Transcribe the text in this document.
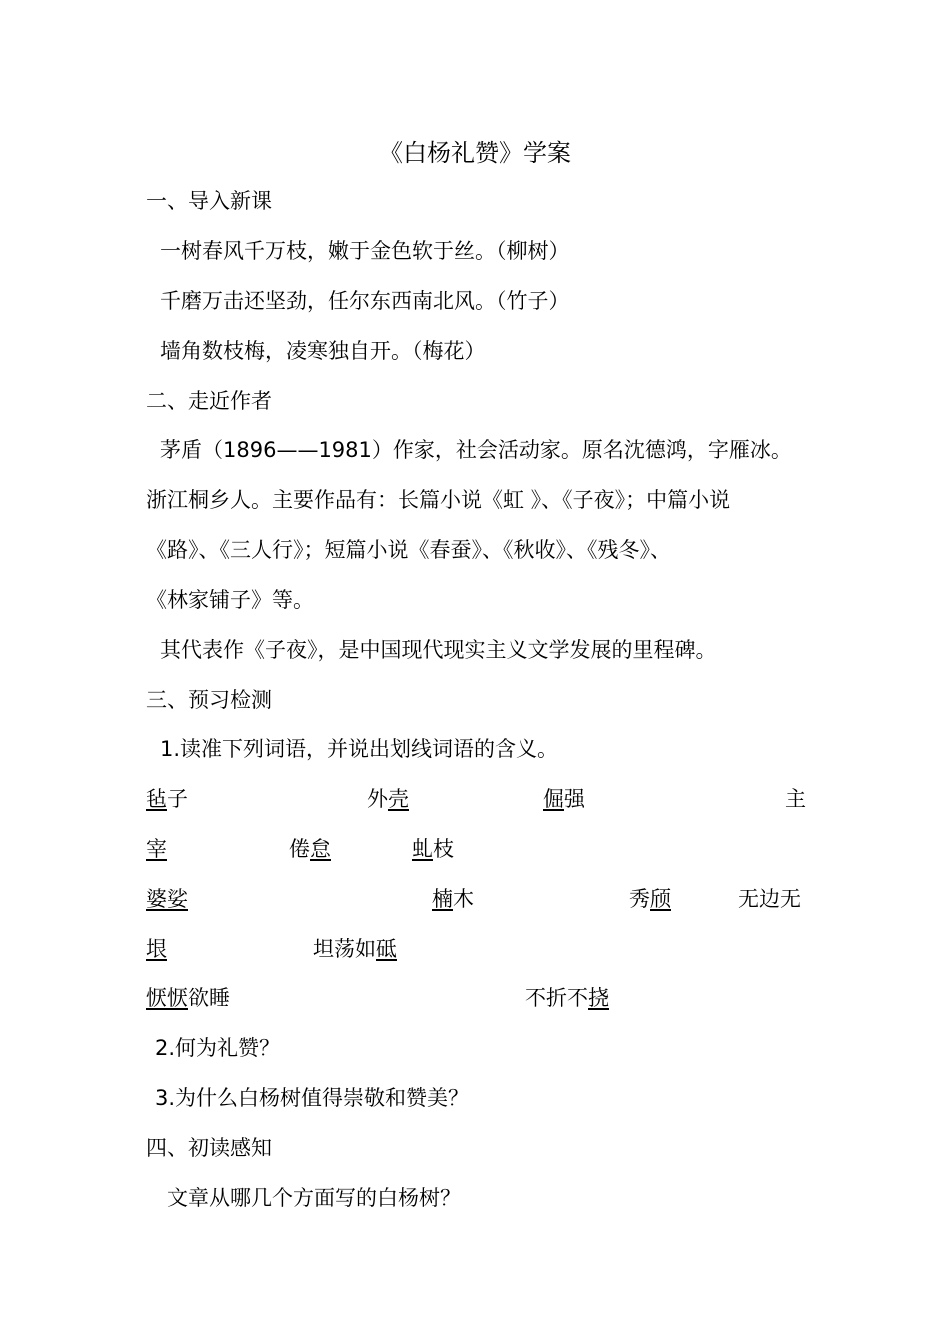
《白杨礼赞》学案
一、导入新课
一树春风千万枝，嫩于金色软于丝。（柳树）
千磨万击还坚劲，任尔东西南北风。（竹子）
墙角数枝梅，凌寒独自开。（梅花）
二、走近作者
茅盾（1896——1981）作家，社会活动家。原名沈德鸿，字雁冰。
浙江桐乡人。主要作品有：长篇小说《虹 》、《子夜》；中篇小说
《路》、《三人行》；短篇小说《春蚕》、《秋收》、《残冬》、
《林家铺子》等。
其代表作《子夜》，是中国现代现实主义文学发展的里程碑。
三、预习检测
1.读准下列词语，并说出划线词语的含义。
毡子	外壳	倔强	主
宰	倦怠	虬枝
婆娑	楠木	秀颀	无边无
垠	坦荡如砥
恹恹欲睡	不折不挠
2.何为礼赞？
3.为什么白杨树值得崇敬和赞美？
四、初读感知
文章从哪几个方面写的白杨树？
